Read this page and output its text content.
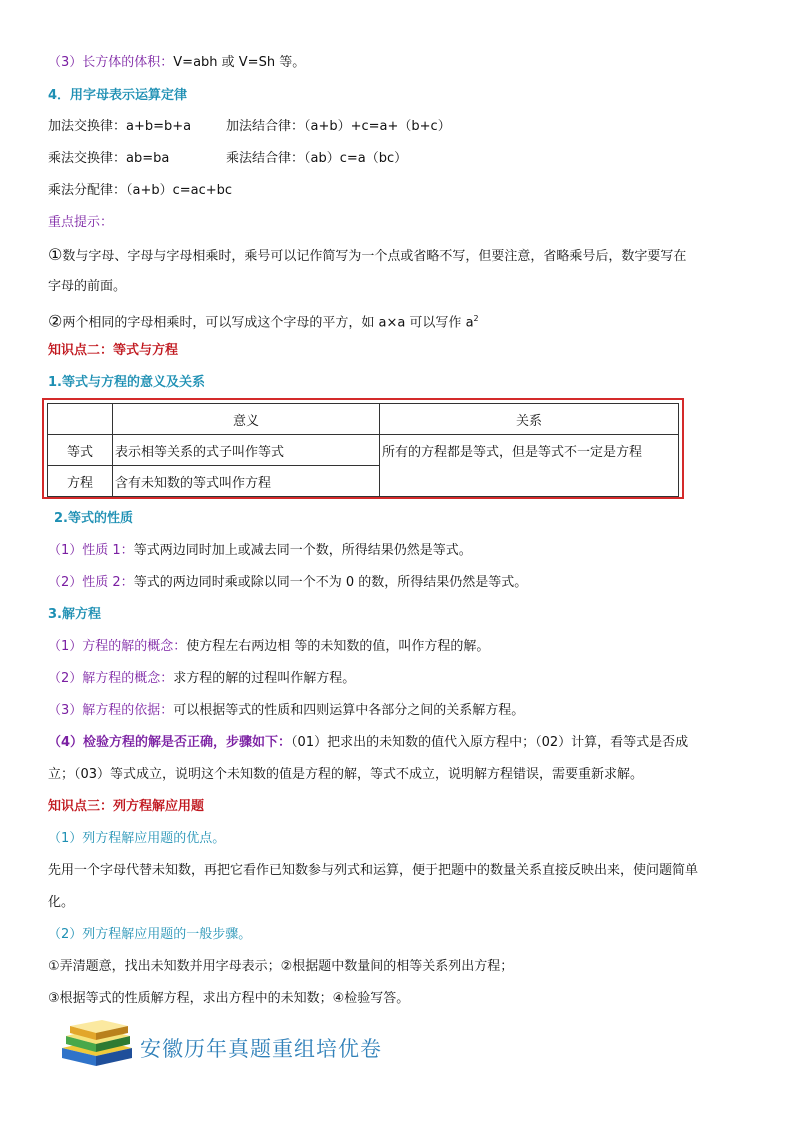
（3）长方体的体积：V=abh 或 V=Sh 等。
4．用字母表示运算定律
加法交换律：a+b=b+a	加法结合律：（a+b）+c=a+（b+c）
乘法交换律：ab=ba	乘法结合律：（ab）c=a（bc）
乘法分配律：（a+b）c=ac+bc
重点提示：
①数与字母、字母与字母相乘时，乘号可以记作简写为一个点或省略不写，但要注意，省略乘号后，数字要写在
字母的前面。
②两个相同的字母相乘时，可以写成这个字母的平方，如 a×a 可以写作 $a^2$
知识点二：等式与方程
1.等式与方程的意义及关系
	意义	关系
等式	表示相等关系的式子叫作等式	所有的方程都是等式，但是等式不一定是方程
方程	含有未知数的等式叫作方程	
2.等式的性质
（1）性质 1：等式两边同时加上或减去同一个数，所得结果仍然是等式。
（2）性质 2：等式的两边同时乘或除以同一个不为 0 的数，所得结果仍然是等式。
3.解方程
（1）方程的解的概念：使方程左右两边相 等的未知数的值，叫作方程的解。
（2）解方程的概念：求方程的解的过程叫作解方程。
（3）解方程的依据：可以根据等式的性质和四则运算中各部分之间的关系解方程。
（4）检验方程的解是否正确，步骤如下：（01）把求出的未知数的值代入原方程中；（02）计算，看等式是否成
立；（03）等式成立，说明这个未知数的值是方程的解，等式不成立，说明解方程错误，需要重新求解。
知识点三：列方程解应用题
（1）列方程解应用题的优点。
先用一个字母代替未知数，再把它看作已知数参与列式和运算，便于把题中的数量关系直接反映出来，使问题简单
化。
（2）列方程解应用题的一般步骤。
①弄清题意，找出未知数并用字母表示；②根据题中数量间的相等关系列出方程；
③根据等式的性质解方程，求出方程中的未知数；④检验写答。
安徽历年真题重组培优卷
